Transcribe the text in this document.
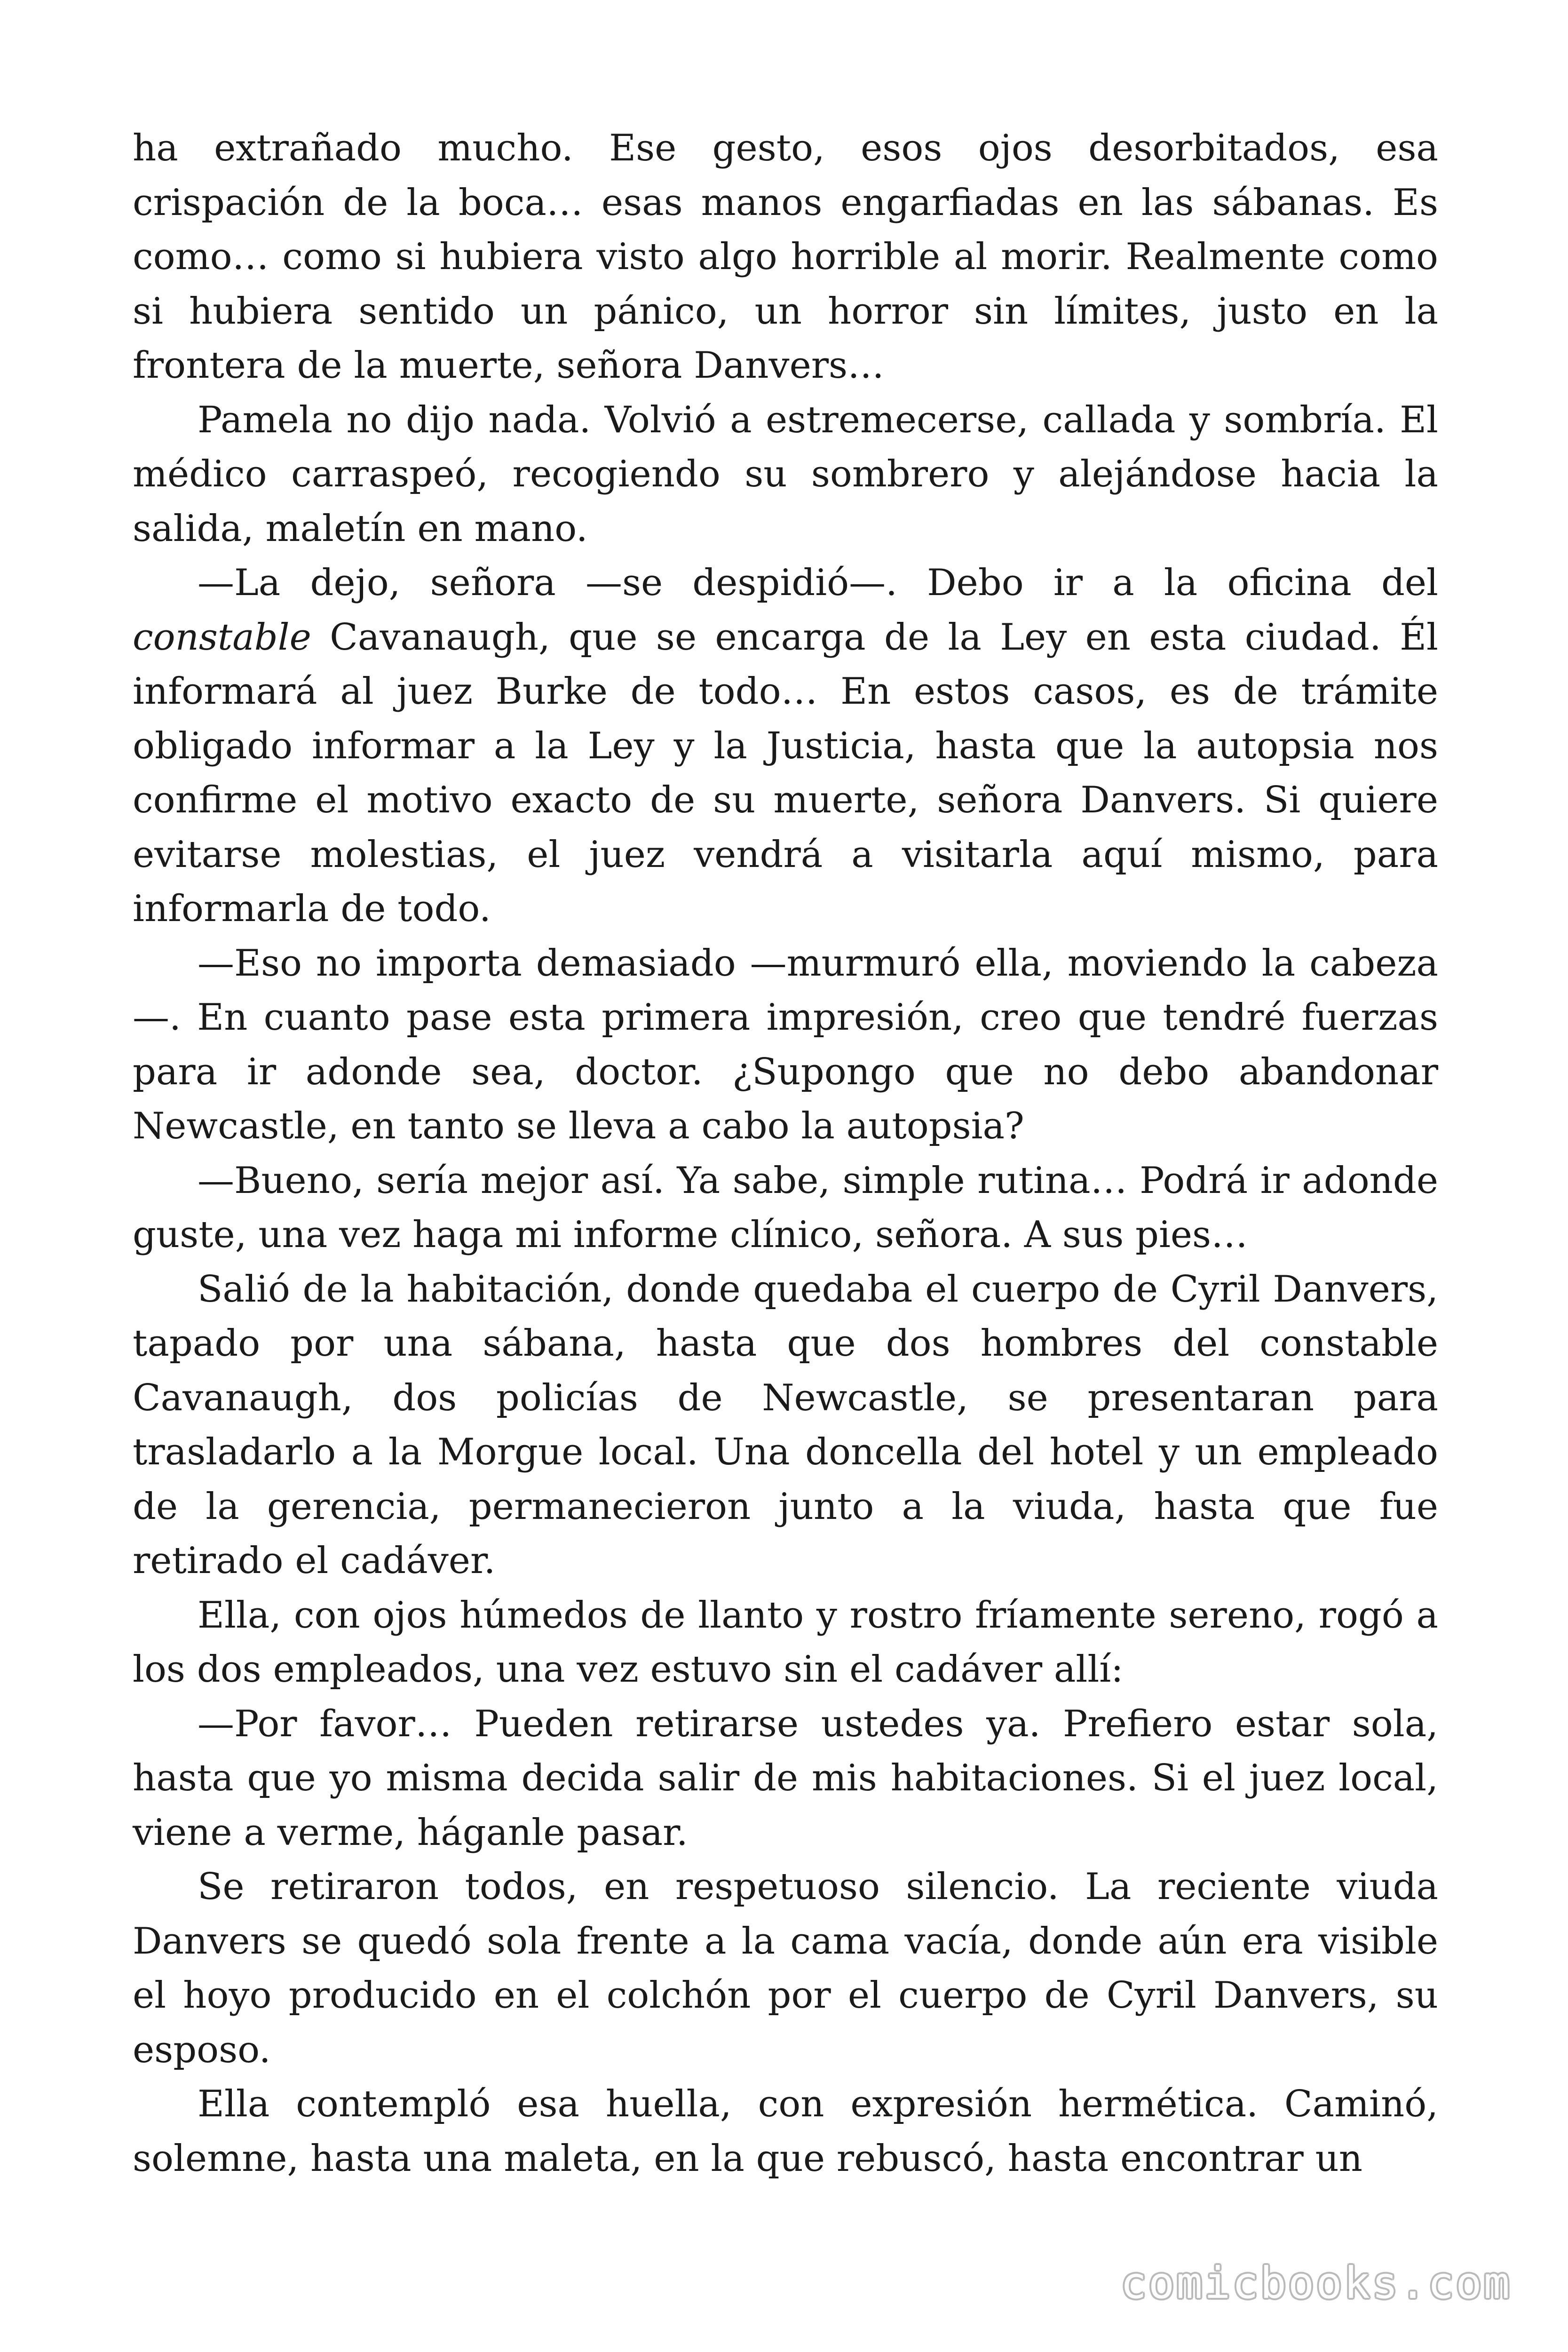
ha extrañado mucho. Ese gesto, esos ojos desorbitados, esa crispación de la boca… esas manos engarfiadas en las sábanas. Es como… como si hubiera visto algo horrible al morir. Realmente como si hubiera sentido un pánico, un horror sin límites, justo en la frontera de la muerte, señora Danvers…

Pamela no dijo nada. Volvió a estremecerse, callada y sombría. El médico carraspeó, recogiendo su sombrero y alejándose hacia la salida, maletín en mano.

—La dejo, señora —se despidió—. Debo ir a la oficina del constable Cavanaugh, que se encarga de la Ley en esta ciudad. Él informará al juez Burke de todo… En estos casos, es de trámite obligado informar a la Ley y la Justicia, hasta que la autopsia nos confirme el motivo exacto de su muerte, señora Danvers. Si quiere evitarse molestias, el juez vendrá a visitarla aquí mismo, para informarla de todo.

—Eso no importa demasiado —murmuró ella, moviendo la cabeza—. En cuanto pase esta primera impresión, creo que tendré fuerzas para ir adonde sea, doctor. ¿Supongo que no debo abandonar Newcastle, en tanto se lleva a cabo la autopsia?

—Bueno, sería mejor así. Ya sabe, simple rutina… Podrá ir adonde guste, una vez haga mi informe clínico, señora. A sus pies…

Salió de la habitación, donde quedaba el cuerpo de Cyril Danvers, tapado por una sábana, hasta que dos hombres del constable Cavanaugh, dos policías de Newcastle, se presentaran para trasladarlo a la Morgue local. Una doncella del hotel y un empleado de la gerencia, permanecieron junto a la viuda, hasta que fue retirado el cadáver.

Ella, con ojos húmedos de llanto y rostro fríamente sereno, rogó a los dos empleados, una vez estuvo sin el cadáver allí:

—Por favor… Pueden retirarse ustedes ya. Prefiero estar sola, hasta que yo misma decida salir de mis habitaciones. Si el juez local, viene a verme, háganle pasar.

Se retiraron todos, en respetuoso silencio. La reciente viuda Danvers se quedó sola frente a la cama vacía, donde aún era visible el hoyo producido en el colchón por el cuerpo de Cyril Danvers, su esposo.

Ella contempló esa huella, con expresión hermética. Caminó, solemne, hasta una maleta, en la que rebuscó, hasta encontrar un

comicbooks.com
